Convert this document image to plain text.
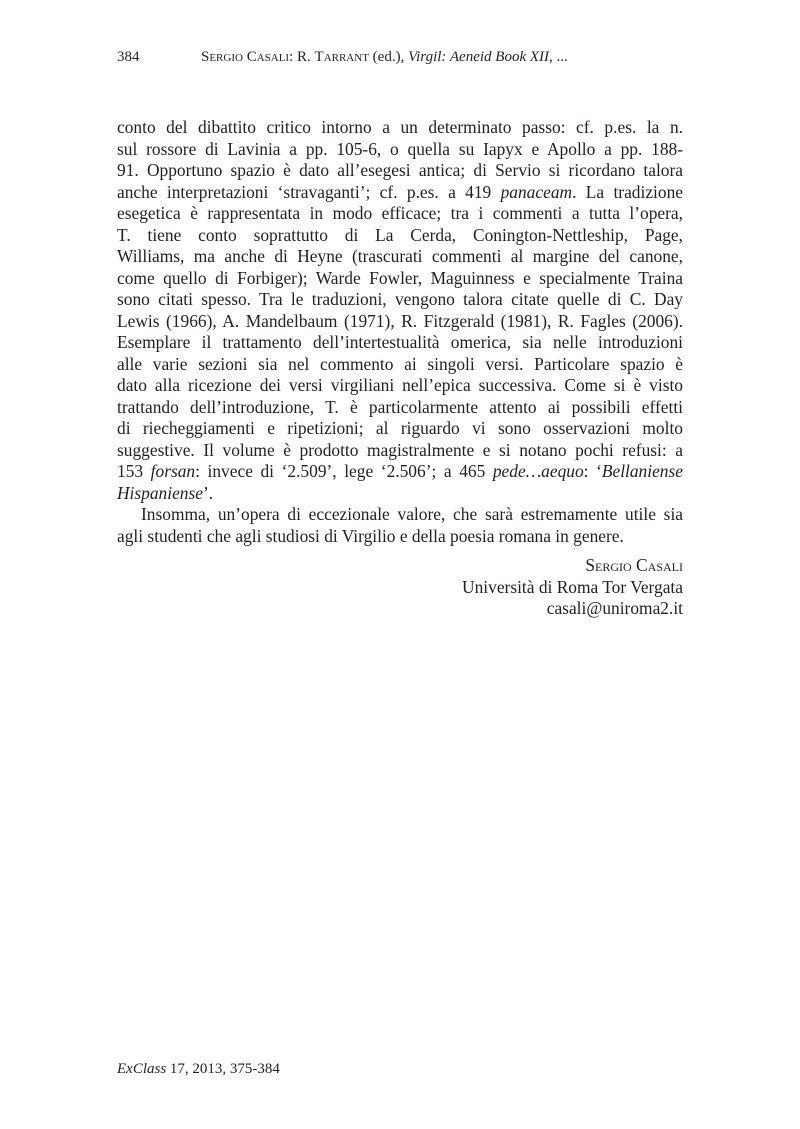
384	Sergio Casali: R. Tarrant (ed.), Virgil: Aeneid Book XII, ...
conto del dibattito critico intorno a un determinato passo: cf. p.es. la n.
sul rossore di Lavinia a pp. 105-6, o quella su Iapyx e Apollo a pp. 188-
91. Opportuno spazio è dato all’esegesi antica; di Servio si ricordano talora
anche interpretazioni ‘stravaganti’; cf. p.es. a 419 panaceam. La tradizione
esegetica è rappresentata in modo efficace; tra i commenti a tutta l’opera,
T. tiene conto soprattutto di La Cerda, Conington-Nettleship, Page,
Williams, ma anche di Heyne (trascurati commenti al margine del canone,
come quello di Forbiger); Warde Fowler, Maguinness e specialmente Traina
sono citati spesso. Tra le traduzioni, vengono talora citate quelle di C. Day
Lewis (1966), A. Mandelbaum (1971), R. Fitzgerald (1981), R. Fagles (2006).
Esemplare il trattamento dell’intertestualità omerica, sia nelle introduzioni
alle varie sezioni sia nel commento ai singoli versi. Particolare spazio è
dato alla ricezione dei versi virgiliani nell’epica successiva. Come si è visto
trattando dell’introduzione, T. è particolarmente attento ai possibili effetti
di riecheggiamenti e ripetizioni; al riguardo vi sono osservazioni molto
suggestive. Il volume è prodotto magistralmente e si notano pochi refusi: a
153 forsan: invece di ‘2.509’, lege ‘2.506’; a 465 pede…aequo: ‘Bellaniense
Hispaniense’.
Insomma, un’opera di eccezionale valore, che sarà estremamente utile sia
agli studenti che agli studiosi di Virgilio e della poesia romana in genere.
Sergio Casali
Università di Roma Tor Vergata
casali@uniroma2.it
ExClass 17, 2013, 375-384
